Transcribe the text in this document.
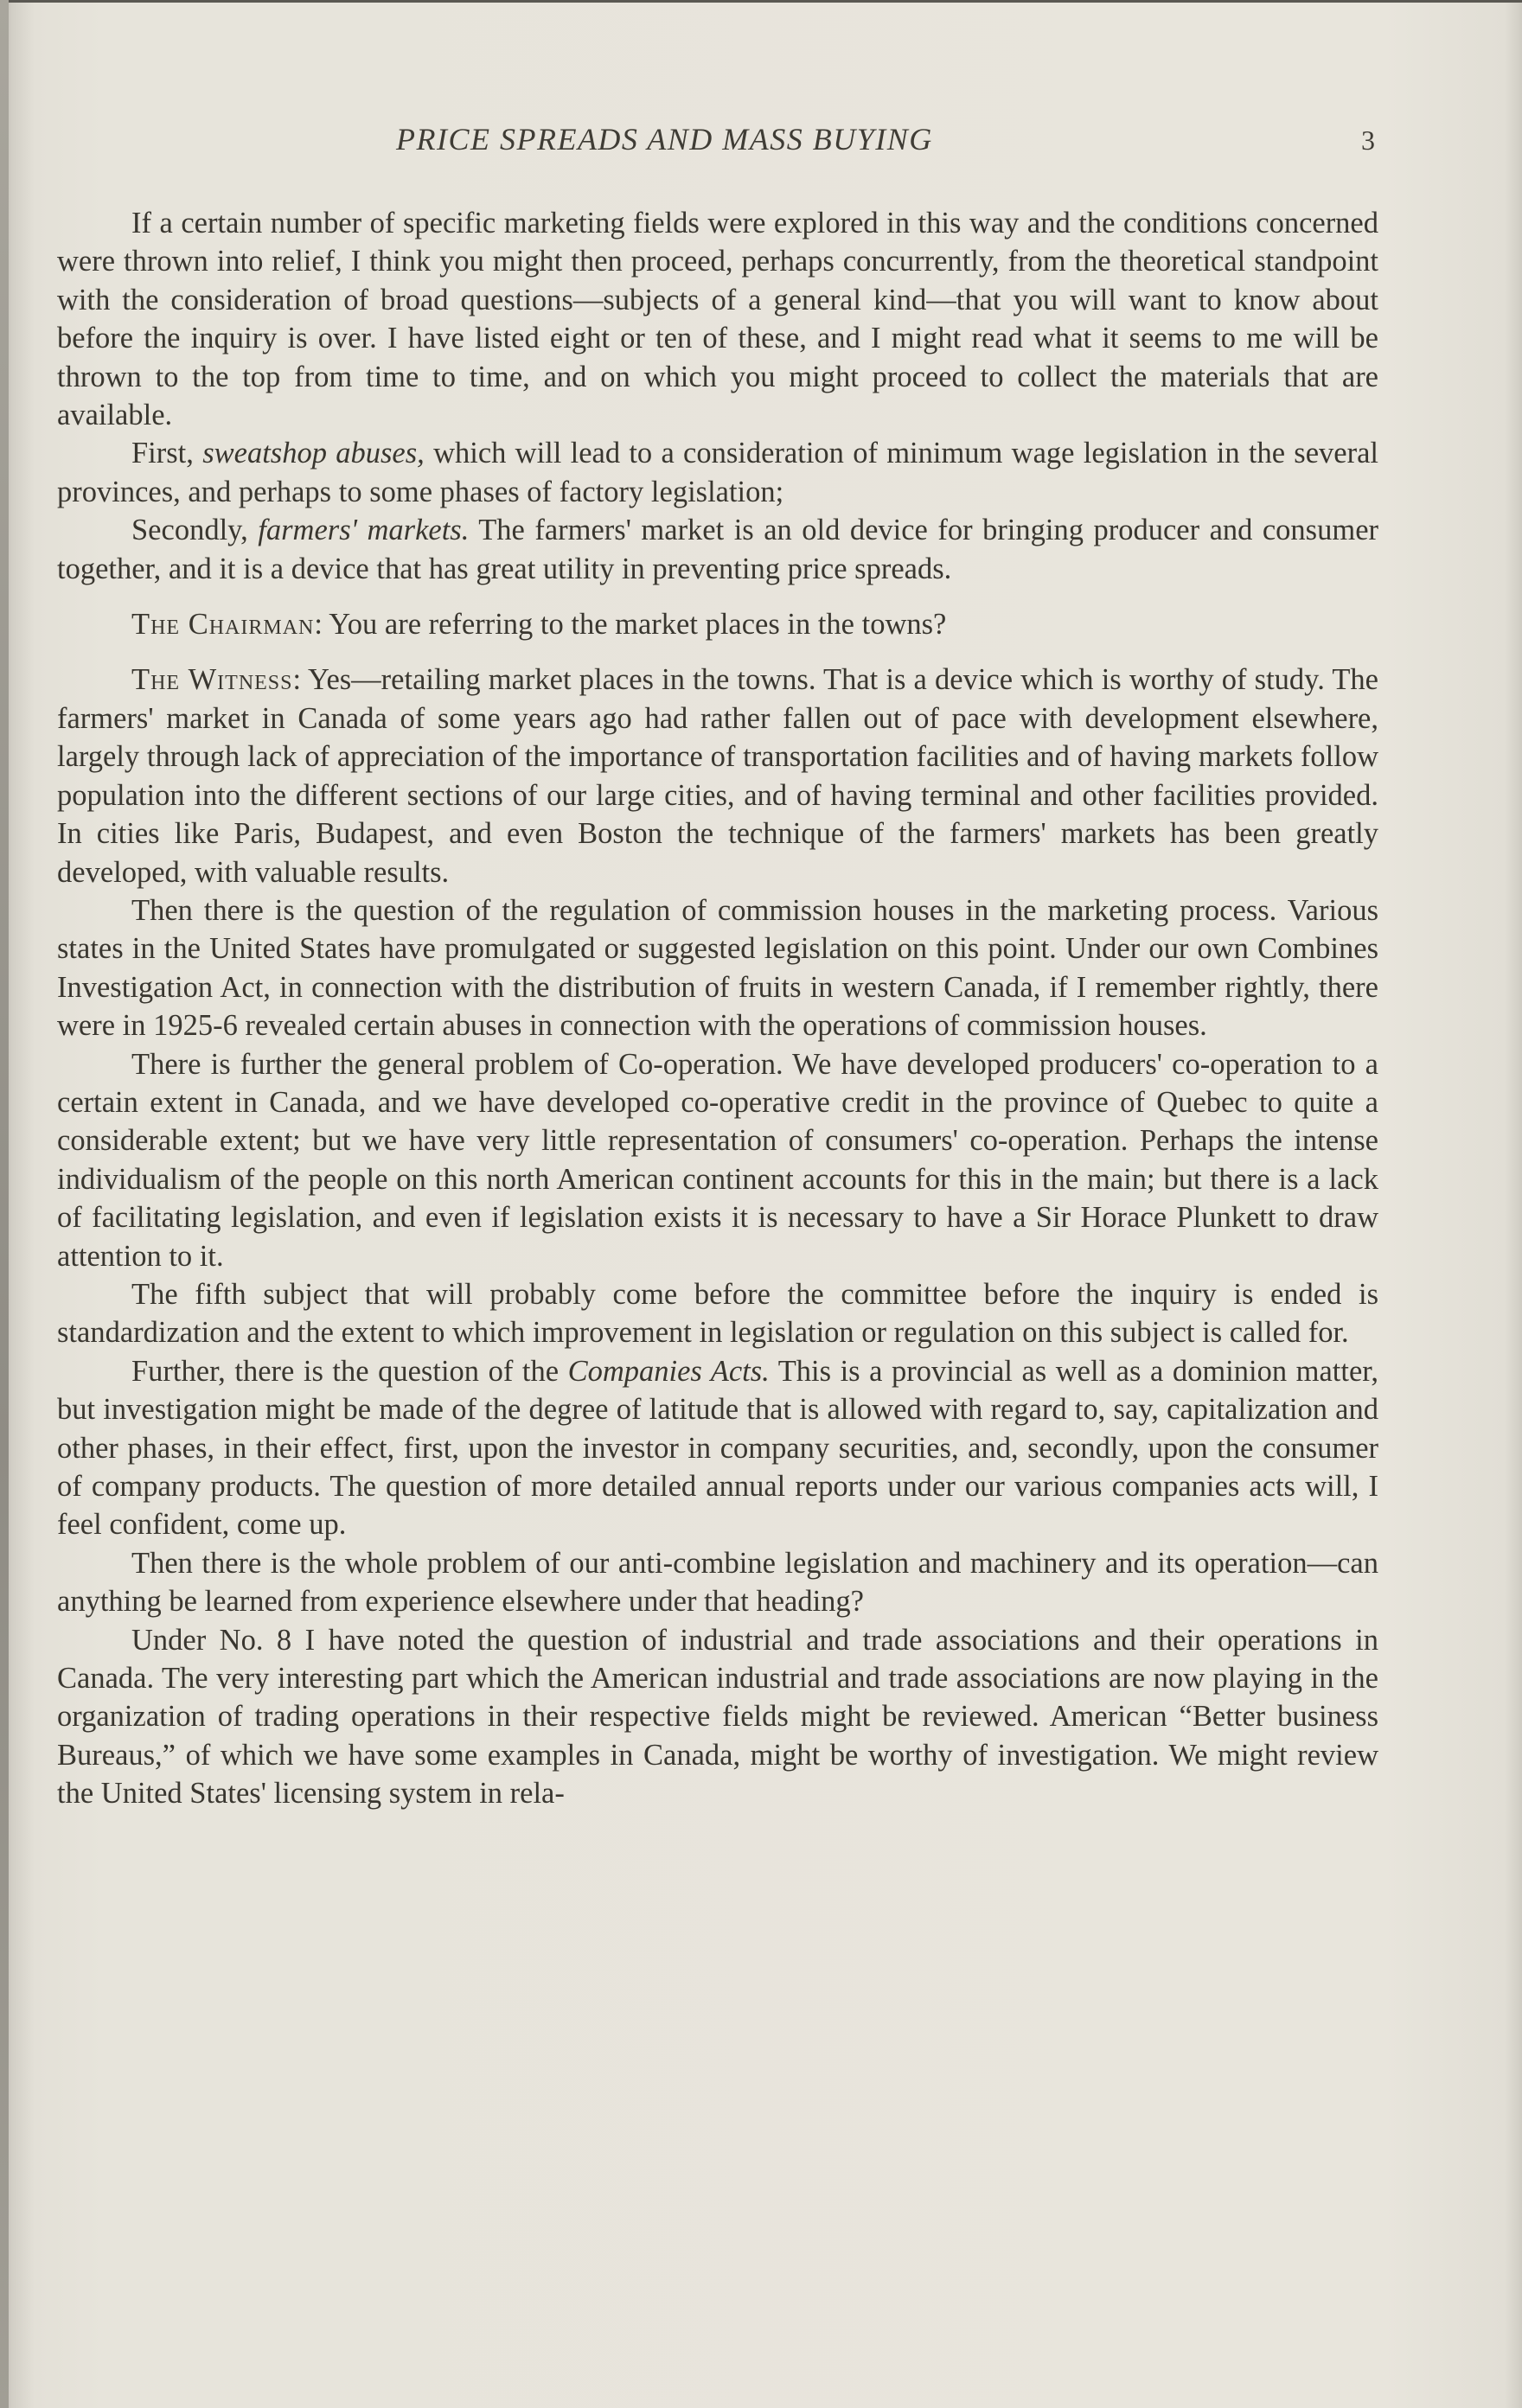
PRICE SPREADS AND MASS BUYING	3

If a certain number of specific marketing fields were explored in this way and the conditions concerned were thrown into relief, I think you might then proceed, perhaps concurrently, from the theoretical standpoint with the consideration of broad questions—subjects of a general kind—that you will want to know about before the inquiry is over. I have listed eight or ten of these, and I might read what it seems to me will be thrown to the top from time to time, and on which you might proceed to collect the materials that are available.

First, sweatshop abuses, which will lead to a consideration of minimum wage legislation in the several provinces, and perhaps to some phases of factory legislation;

Secondly, farmers' markets. The farmers' market is an old device for bringing producer and consumer together, and it is a device that has great utility in preventing price spreads.

The Chairman: You are referring to the market places in the towns?

The Witness: Yes—retailing market places in the towns. That is a device which is worthy of study. The farmers' market in Canada of some years ago had rather fallen out of pace with development elsewhere, largely through lack of appreciation of the importance of transportation facilities and of having markets follow population into the different sections of our large cities, and of having terminal and other facilities provided. In cities like Paris, Budapest, and even Boston the technique of the farmers' markets has been greatly developed, with valuable results.

Then there is the question of the regulation of commission houses in the marketing process. Various states in the United States have promulgated or suggested legislation on this point. Under our own Combines Investigation Act, in connection with the distribution of fruits in western Canada, if I remember rightly, there were in 1925-6 revealed certain abuses in connection with the operations of commission houses.

There is further the general problem of Co-operation. We have developed producers' co-operation to a certain extent in Canada, and we have developed co-operative credit in the province of Quebec to quite a considerable extent; but we have very little representation of consumers' co-operation. Perhaps the intense individualism of the people on this north American continent accounts for this in the main; but there is a lack of facilitating legislation, and even if legislation exists it is necessary to have a Sir Horace Plunkett to draw attention to it.

The fifth subject that will probably come before the committee before the inquiry is ended is standardization and the extent to which improvement in legislation or regulation on this subject is called for.

Further, there is the question of the Companies Acts. This is a provincial as well as a dominion matter, but investigation might be made of the degree of latitude that is allowed with regard to, say, capitalization and other phases, in their effect, first, upon the investor in company securities, and, secondly, upon the consumer of company products. The question of more detailed annual reports under our various companies acts will, I feel confident, come up.

Then there is the whole problem of our anti-combine legislation and machinery and its operation—can anything be learned from experience elsewhere under that heading?

Under No. 8 I have noted the question of industrial and trade associations and their operations in Canada. The very interesting part which the American industrial and trade associations are now playing in the organization of trading operations in their respective fields might be reviewed. American “Better business Bureaus,” of which we have some examples in Canada, might be worthy of investigation. We might review the United States' licensing system in rela-
